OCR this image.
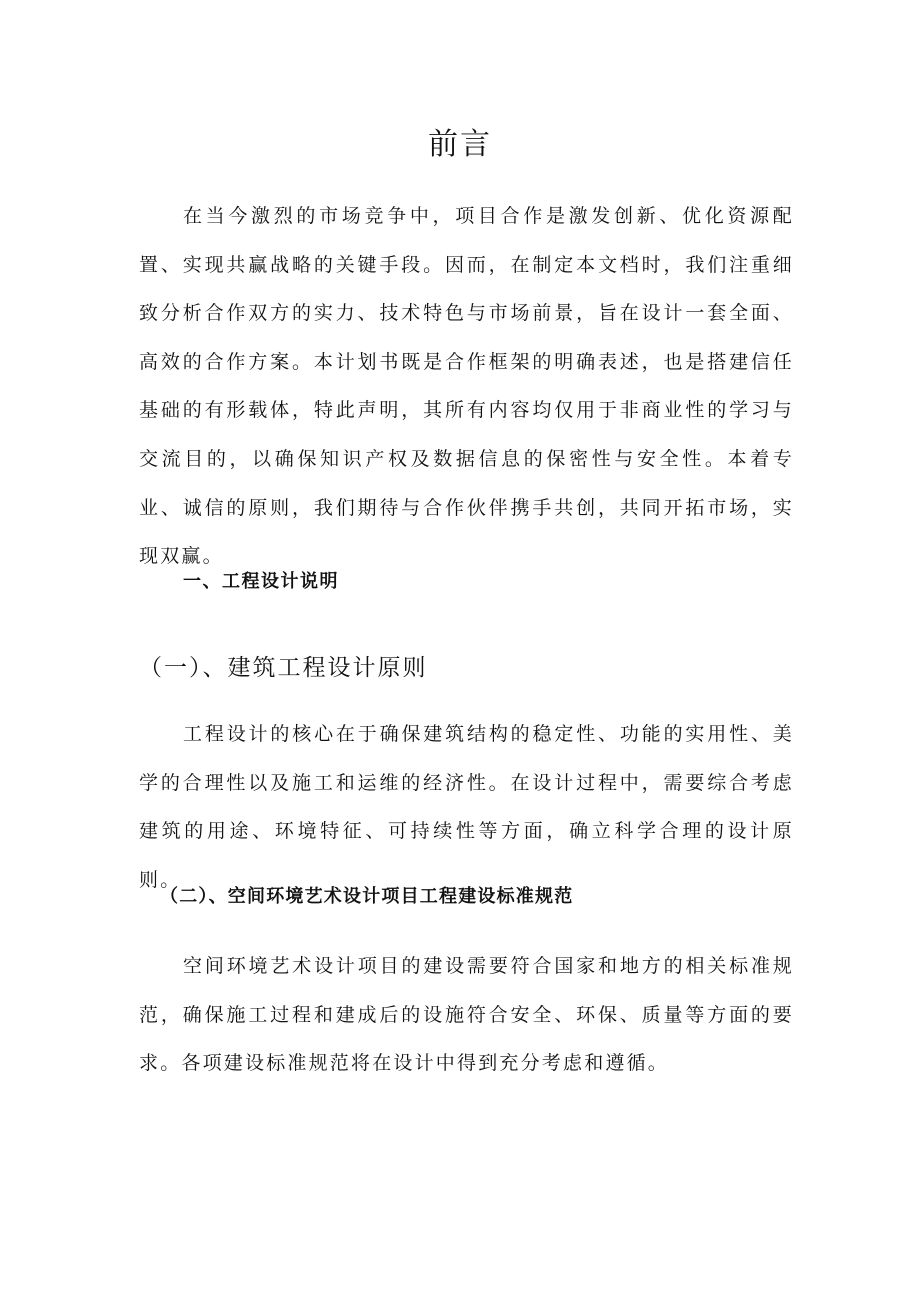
前言

在当今激烈的市场竞争中，项目合作是激发创新、优化资源配置、实现共赢战略的关键手段。因而，在制定本文档时，我们注重细致分析合作双方的实力、技术特色与市场前景，旨在设计一套全面、高效的合作方案。本计划书既是合作框架的明确表述，也是搭建信任基础的有形载体，特此声明，其所有内容均仅用于非商业性的学习与交流目的，以确保知识产权及数据信息的保密性与安全性。本着专业、诚信的原则，我们期待与合作伙伴携手共创，共同开拓市场，实现双赢。

一、工程设计说明
（一）、建筑工程设计原则

工程设计的核心在于确保建筑结构的稳定性、功能的实用性、美学的合理性以及施工和运维的经济性。在设计过程中，需要综合考虑建筑的用途、环境特征、可持续性等方面，确立科学合理的设计原则。

（二）、空间环境艺术设计项目工程建设标准规范

空间环境艺术设计项目的建设需要符合国家和地方的相关标准规范，确保施工过程和建成后的设施符合安全、环保、质量等方面的要求。各项建设标准规范将在设计中得到充分考虑和遵循。
